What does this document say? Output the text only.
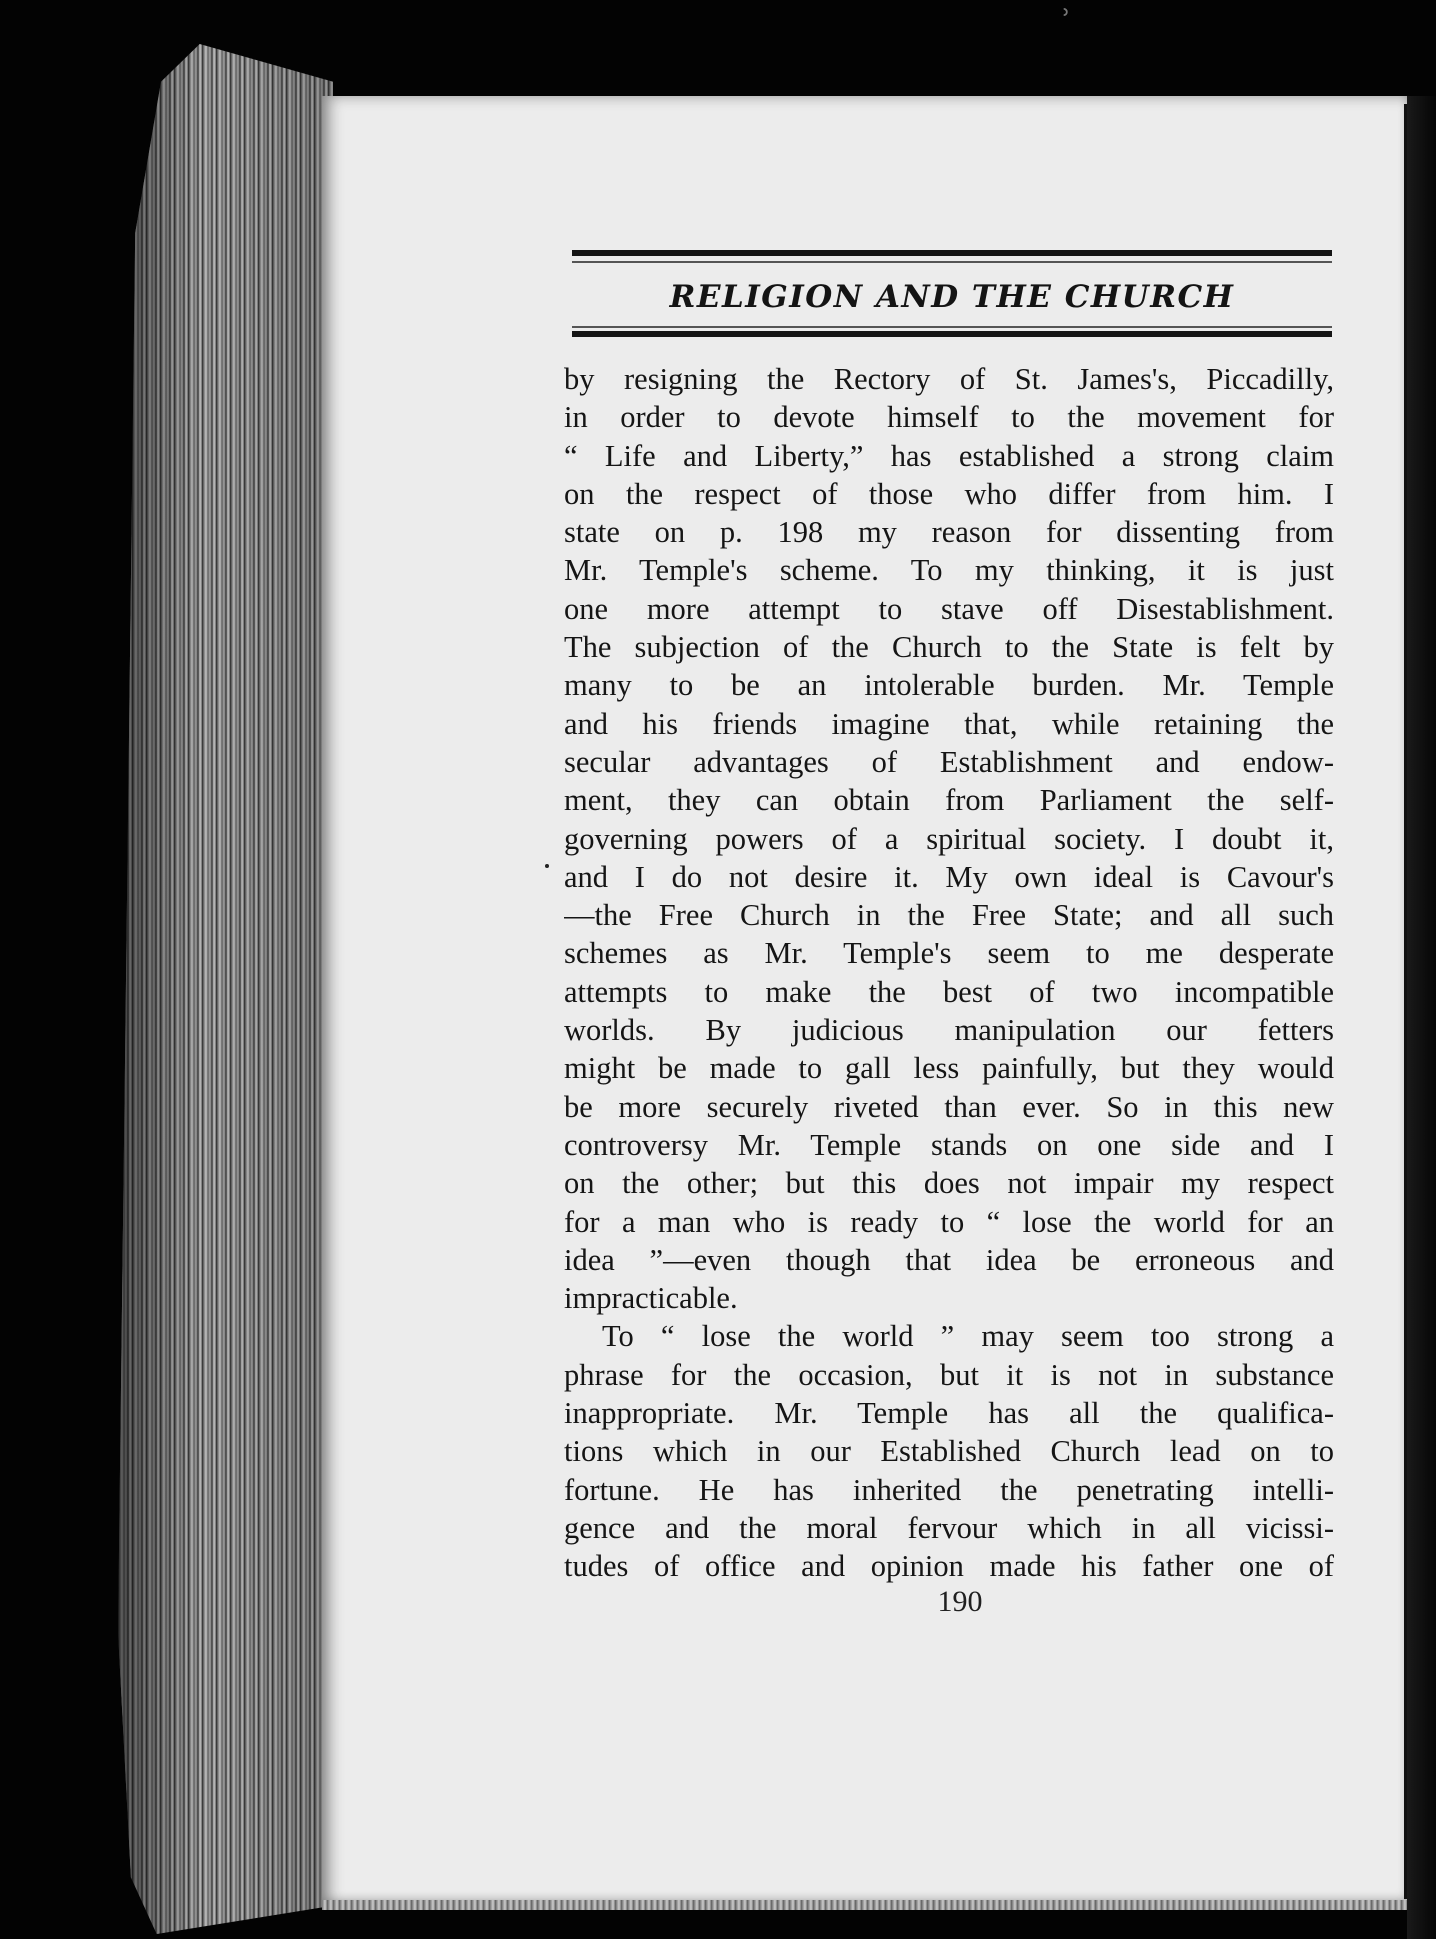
ʾ
RELIGION AND THE CHURCH
by resigning the Rectory of St. James's, Piccadilly,
in order to devote himself to the movement for
“ Life and Liberty,” has established a strong claim
on the respect of those who differ from him. I
state on p. 198 my reason for dissenting from
Mr. Temple's scheme. To my thinking, it is just
one more attempt to stave off Disestablishment.
The subjection of the Church to the State is felt by
many to be an intolerable burden. Mr. Temple
and his friends imagine that, while retaining the
secular advantages of Establishment and endow-
ment, they can obtain from Parliament the self-
governing powers of a spiritual society. I doubt it,
and I do not desire it. My own ideal is Cavour's
—the Free Church in the Free State; and all such
schemes as Mr. Temple's seem to me desperate
attempts to make the best of two incompatible
worlds. By judicious manipulation our fetters
might be made to gall less painfully, but they would
be more securely riveted than ever. So in this new
controversy Mr. Temple stands on one side and I
on the other; but this does not impair my respect
for a man who is ready to “ lose the world for an
idea ”—even though that idea be erroneous and
impracticable.
To “ lose the world ” may seem too strong a
phrase for the occasion, but it is not in substance
inappropriate. Mr. Temple has all the qualifica-
tions which in our Established Church lead on to
fortune. He has inherited the penetrating intelli-
gence and the moral fervour which in all vicissi-
tudes of office and opinion made his father one of
190
